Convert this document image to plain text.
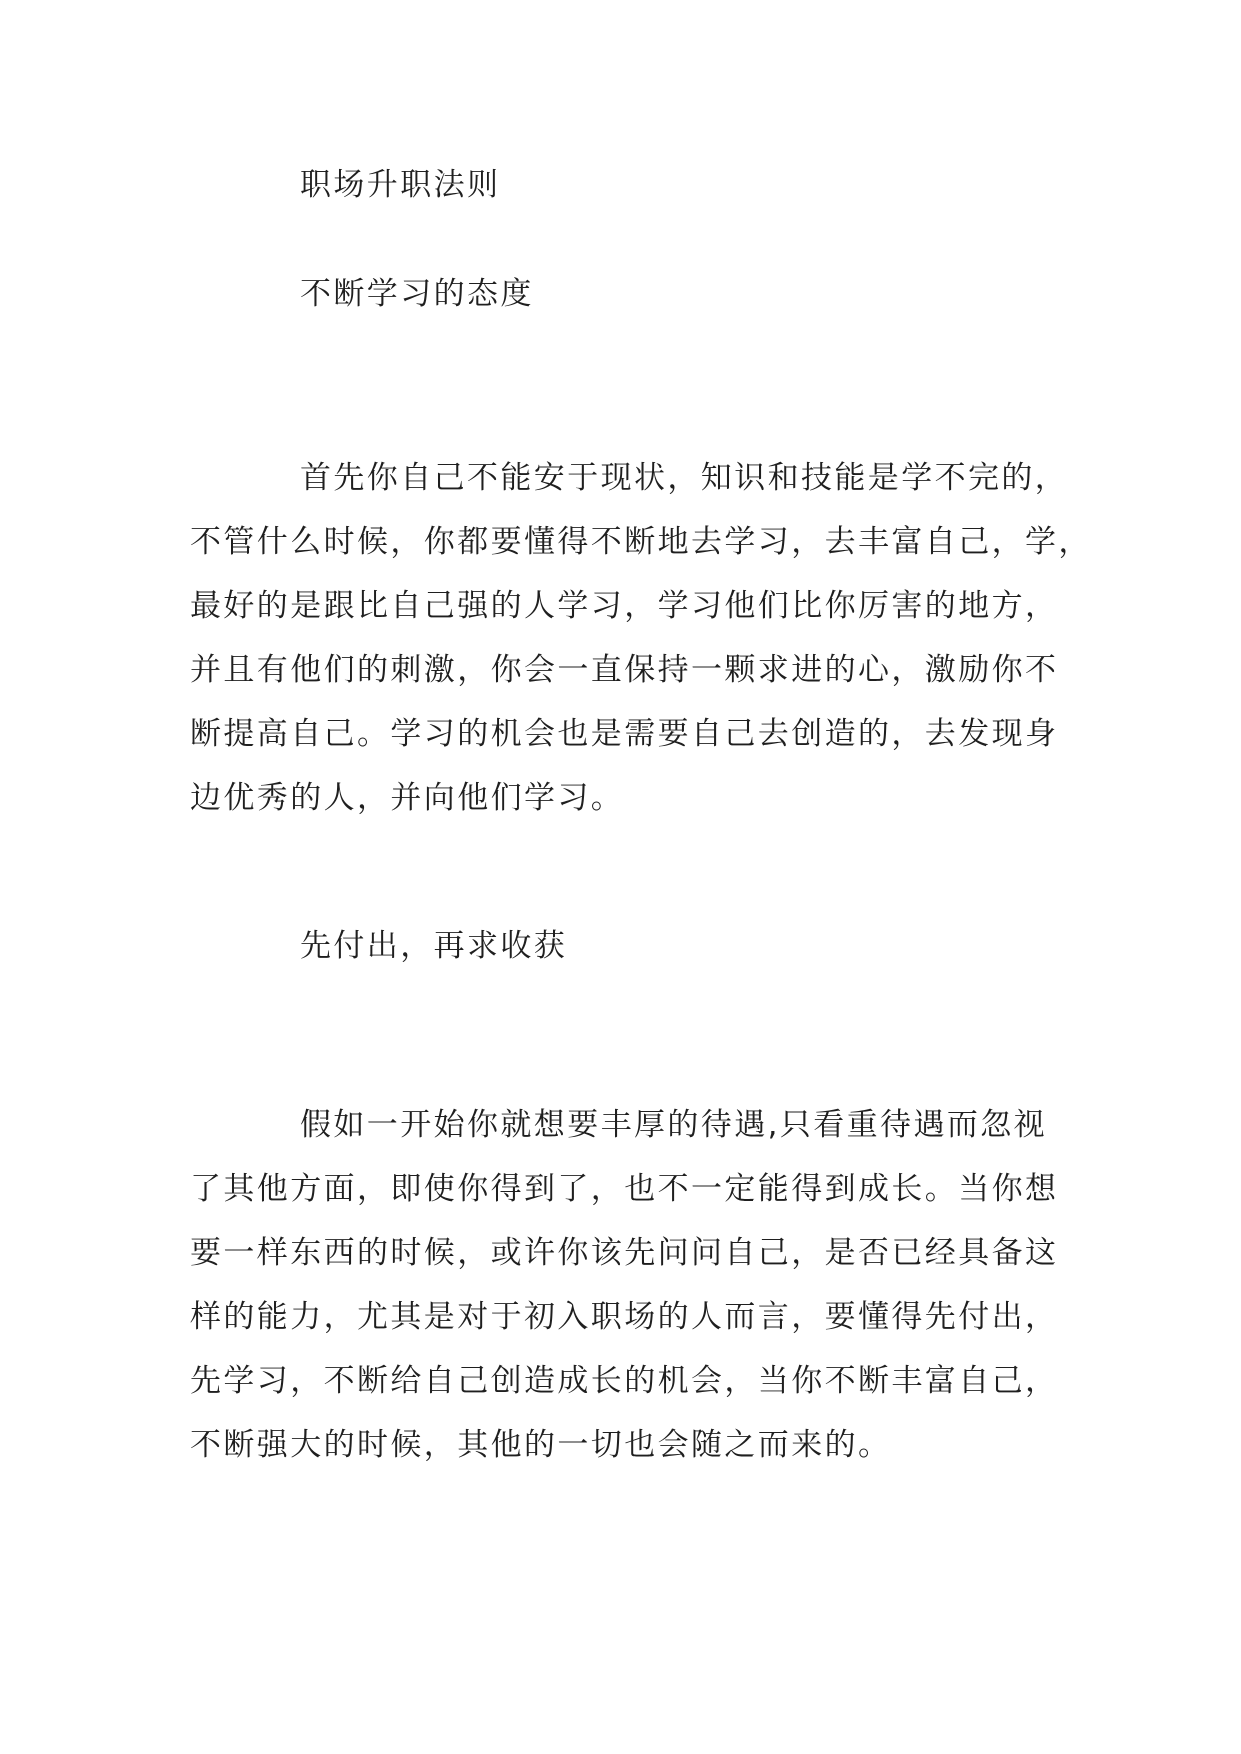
职场升职法则
不断学习的态度
首先你自己不能安于现状，知识和技能是学不完的，
不管什么时候，你都要懂得不断地去学习，去丰富自己，学，
最好的是跟比自己强的人学习，学习他们比你厉害的地方，
并且有他们的刺激，你会一直保持一颗求进的心，激励你不
断提高自己。学习的机会也是需要自己去创造的，去发现身
边优秀的人，并向他们学习。
先付出，再求收获
假如一开始你就想要丰厚的待遇,只看重待遇而忽视
了其他方面，即使你得到了，也不一定能得到成长。当你想
要一样东西的时候，或许你该先问问自己，是否已经具备这
样的能力，尤其是对于初入职场的人而言，要懂得先付出，
先学习，不断给自己创造成长的机会，当你不断丰富自己，
不断强大的时候，其他的一切也会随之而来的。
